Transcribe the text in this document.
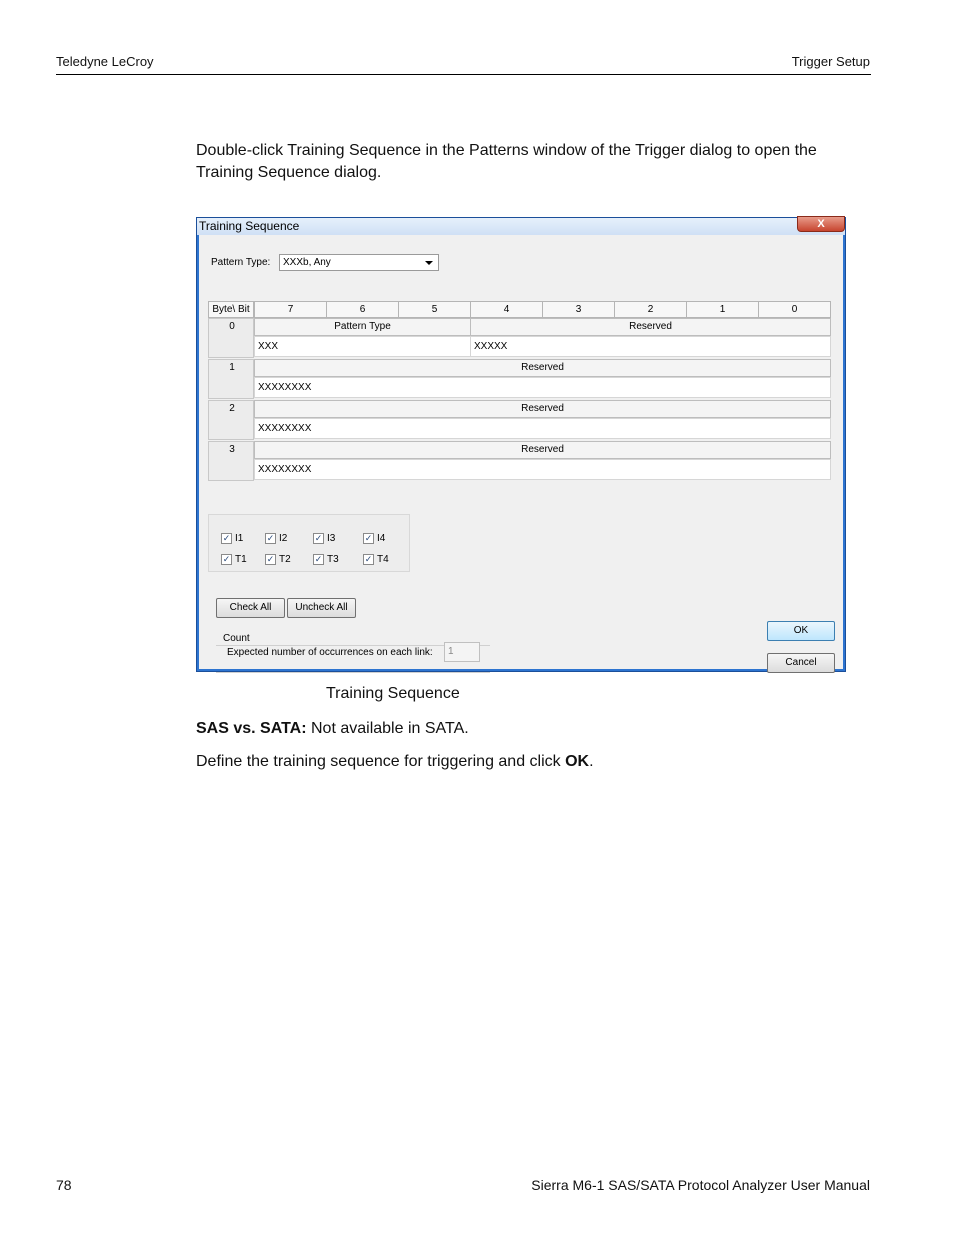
Teledyne LeCroy	Trigger Setup
Double-click Training Sequence in the Patterns window of the Trigger dialog to open the
Training Sequence dialog.
Training Sequence	X
Pattern Type: XXXb, Any
Byte\ Bit	7	6	5	4	3	2	1	0
0	Pattern Type	Reserved
XXX	XXXXX
1	Reserved
XXXXXXXX
2	Reserved
XXXXXXXX
3	Reserved
XXXXXXXX
✓ I1	✓ I2	✓ I3	✓ I4
✓ T1 ✓ T2	✓ T3	✓ T4
Check All	Uncheck All
Count
Expected number of occurrences on each link:	1
OK
Cancel
Training Sequence
SAS vs. SATA: Not available in SATA.
Define the training sequence for triggering and click OK.
78	Sierra M6-1 SAS/SATA Protocol Analyzer User Manual
